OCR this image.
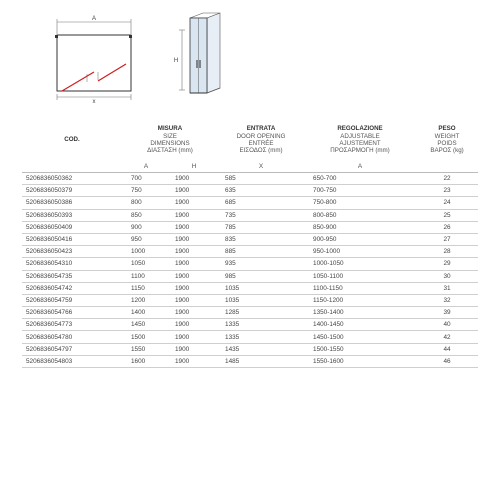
A
x
H
COD.	MISURA
SIZE
DIMENSIONS
ΔΙΑΣΤΑΣΗ (mm)		ENTRATA
DOOR OPENING
ENTRÉE
ΕΙΣΟΔΟΣ (mm)	REGOLAZIONE
ADJUSTABLE
AJUSTEMENT
ΠΡΟΣΑΡΜΟΓΗ (mm)	PESO
WEIGHT
POIDS
ΒΑΡΟΣ (kg)

	A	H	X	A	
5206836050362	700	1900	585	650-700	22
5206836050379	750	1900	635	700-750	23
5206836050386	800	1900	685	750-800	24
5206836050393	850	1900	735	800-850	25
5206836050409	900	1900	785	850-900	26
5206836050416	950	1900	835	900-950	27
5206836050423	1000	1900	885	950-1000	28
5206836054310	1050	1900	935	1000-1050	29
5206836054735	1100	1900	985	1050-1100	30
5206836054742	1150	1900	1035	1100-1150	31
5206836054759	1200	1900	1035	1150-1200	32
5206836054766	1400	1900	1285	1350-1400	39
5206836054773	1450	1900	1335	1400-1450	40
5206836054780	1500	1900	1335	1450-1500	42
5206836054797	1550	1900	1435	1500-1550	44
5206836054803	1600	1900	1485	1550-1600	46
